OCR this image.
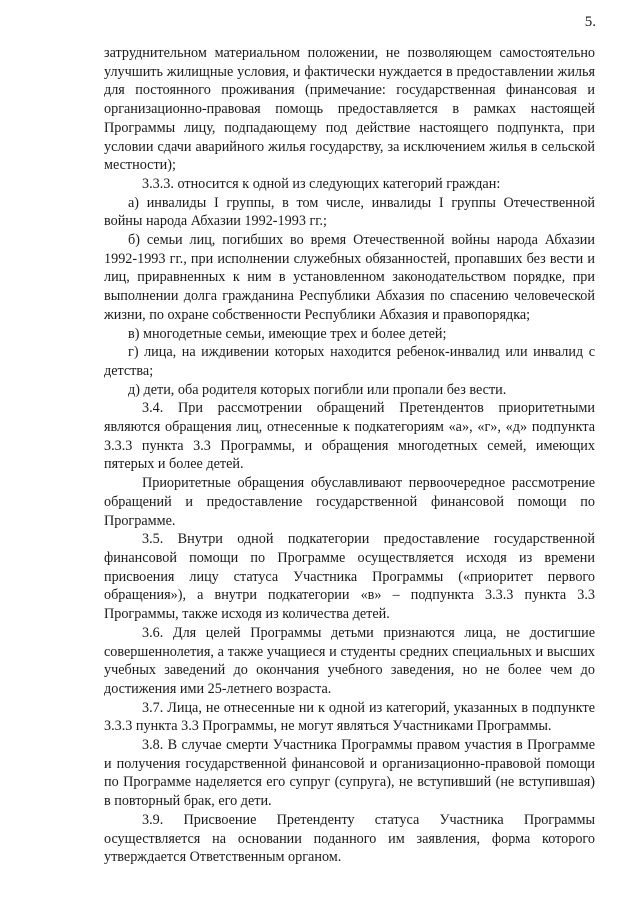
5.

затруднительном материальном положении, не позволяющем самостоятельно улучшить жилищные условия, и фактически нуждается в предоставлении жилья для постоянного проживания (примечание: государственная финансовая и организационно-правовая помощь предоставляется в рамках настоящей Программы лицу, подпадающему под действие настоящего подпункта, при условии сдачи аварийного жилья государству, за исключением жилья в сельской местности);

3.3.3. относится к одной из следующих категорий граждан:

а) инвалиды I группы, в том числе, инвалиды I группы Отечественной войны народа Абхазии 1992-1993 гг.;

б) семьи лиц, погибших во время Отечественной войны народа Абхазии 1992-1993 гг., при исполнении служебных обязанностей, пропавших без вести и лиц, приравненных к ним в установленном законодательством порядке, при выполнении долга гражданина Республики Абхазия по спасению человеческой жизни, по охране собственности Республики Абхазия и правопорядка;

в) многодетные семьи, имеющие трех и более детей;

г) лица, на иждивении которых находится ребенок-инвалид или инвалид с детства;

д) дети, оба родителя которых погибли или пропали без вести.

3.4. При рассмотрении обращений Претендентов приоритетными являются обращения лиц, отнесенные к подкатегориям «а», «г», «д» подпункта 3.3.3 пункта 3.3 Программы, и обращения многодетных семей, имеющих пятерых и более детей.

Приоритетные обращения обуславливают первоочередное рассмотрение обращений и предоставление государственной финансовой помощи по Программе.

3.5. Внутри одной подкатегории предоставление государственной финансовой помощи по Программе осуществляется исходя из времени присвоения лицу статуса Участника Программы («приоритет первого обращения»), а внутри подкатегории «в» – подпункта 3.3.3 пункта 3.3 Программы, также исходя из количества детей.

3.6. Для целей Программы детьми признаются лица, не достигшие совершеннолетия, а также учащиеся и студенты средних специальных и высших учебных заведений до окончания учебного заведения, но не более чем до достижения ими 25-летнего возраста.

3.7. Лица, не отнесенные ни к одной из категорий, указанных в подпункте 3.3.3 пункта 3.3 Программы, не могут являться Участниками Программы.

3.8. В случае смерти Участника Программы правом участия в Программе и получения государственной финансовой и организационно-правовой помощи по Программе наделяется его супруг (супруга), не вступивший (не вступившая) в повторный брак, его дети.

3.9. Присвоение Претенденту статуса Участника Программы осуществляется на основании поданного им заявления, форма которого утверждается Ответственным органом.
